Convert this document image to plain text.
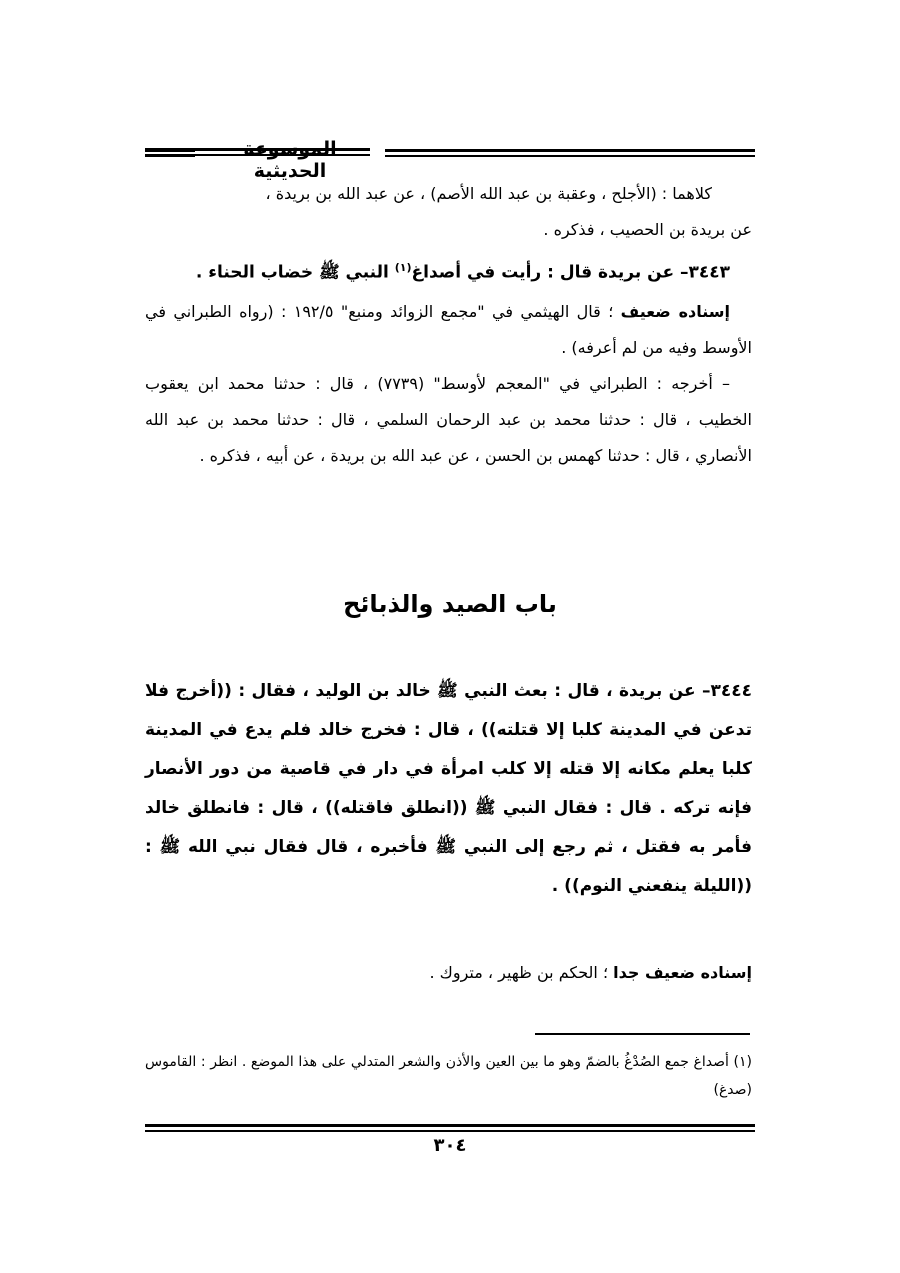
الموسوعة الحديثية
كلاهما : (الأجلح ، وعقبة بن عبد الله الأصم) ، عن عبد الله بن بريدة ،
عن بريدة بن الحصيب ، فذكره .
٣٤٤٣– عن بريدة قال : رأيت في أصداغ$^{(١)}$ النبي ﷺ خضاب الحناء .
إسناده ضعيف ؛ قال الهيثمي في "مجمع الزوائد ومنبع" ١٩٢/٥ : (رواه الطبراني في الأوسط وفيه من لم أعرفه) .
– أخرجه : الطبراني في "المعجم لأوسط" (٧٧٣٩) ، قال : حدثنا محمد ابن يعقوب الخطيب ، قال : حدثنا محمد بن عبد الرحمان السلمي ، قال : حدثنا محمد بن عبد الله الأنصاري ، قال : حدثنا كهمس بن الحسن ، عن عبد الله بن بريدة ، عن أبيه ، فذكره .
باب الصيد والذبائح
٣٤٤٤– عن بريدة ، قال : بعث النبي ﷺ خالد بن الوليد ، فقال : ((أخرج فلا تدعن في المدينة كلبا إلا قتلته)) ، قال : فخرج خالد فلم يدع في المدينة كلبا يعلم مكانه إلا قتله إلا كلب امرأة في دار في قاصية من دور الأنصار فإنه تركه . قال : فقال النبي ﷺ ((انطلق فاقتله)) ، قال : فانطلق خالد فأمر به فقتل ، ثم رجع إلى النبي ﷺ فأخبره ، قال فقال نبي الله ﷺ : ((الليلة ينفعني النوم)) .
إسناده ضعيف جدا ؛ الحكم بن ظهير ، متروك .
(١) أصداغ جمع الصُدْغُ بالضمّ وهو ما بين العين والأذن والشعر المتدلي على هذا الموضع . انظر : القاموس (صدغ)
٣٠٤
